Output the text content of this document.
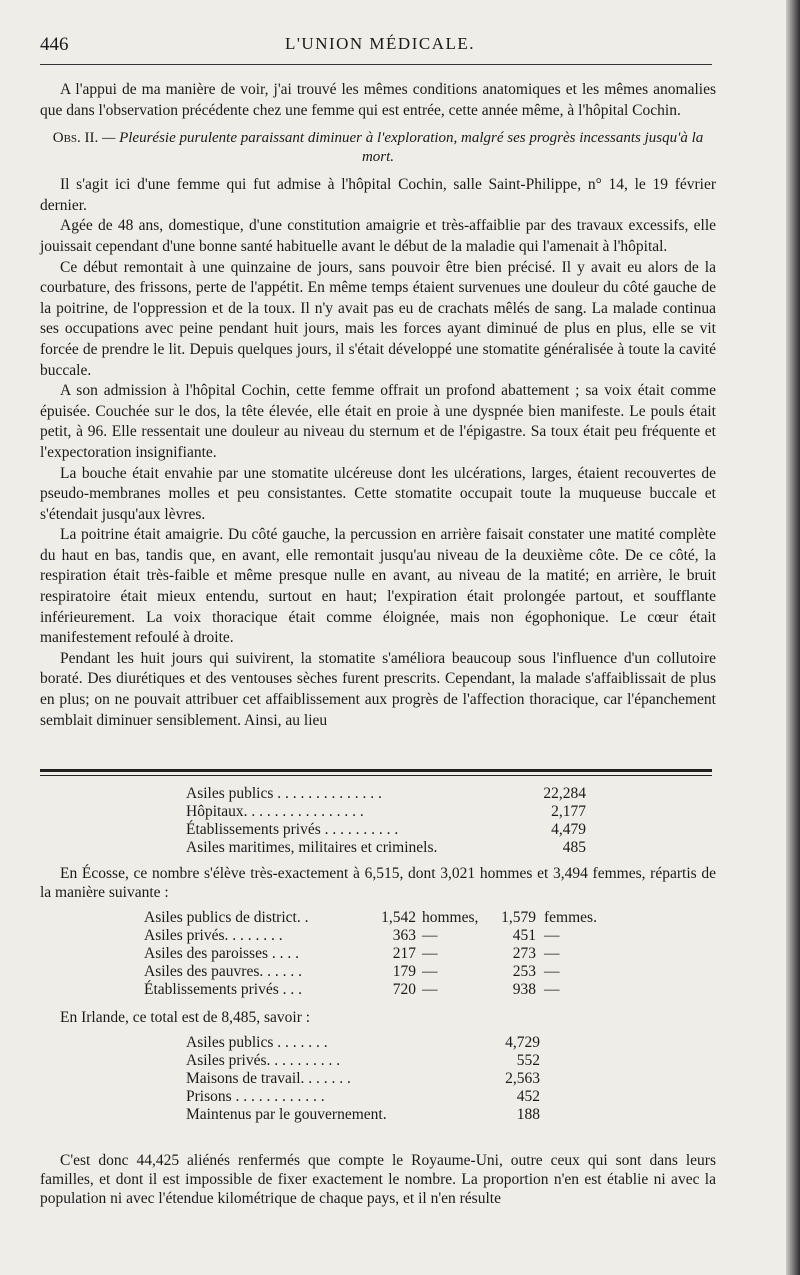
446	L'UNION MÉDICALE.

A l'appui de ma manière de voir, j'ai trouvé les mêmes conditions anatomiques et les mêmes anomalies que dans l'observation précédente chez une femme qui est entrée, cette année même, à l'hôpital Cochin.

Obs. II. — Pleurésie purulente paraissant diminuer à l'exploration, malgré ses progrès incessants jusqu'à la mort.

Il s'agit ici d'une femme qui fut admise à l'hôpital Cochin, salle Saint-Philippe, n° 14, le 19 février dernier.

Agée de 48 ans, domestique, d'une constitution amaigrie et très-affaiblie par des travaux excessifs, elle jouissait cependant d'une bonne santé habituelle avant le début de la maladie qui l'amenait à l'hôpital.

Ce début remontait à une quinzaine de jours, sans pouvoir être bien précisé. Il y avait eu alors de la courbature, des frissons, perte de l'appétit. En même temps étaient survenues une douleur du côté gauche de la poitrine, de l'oppression et de la toux. Il n'y avait pas eu de crachats mêlés de sang. La malade continua ses occupations avec peine pendant huit jours, mais les forces ayant diminué de plus en plus, elle se vit forcée de prendre le lit. Depuis quelques jours, il s'était développé une stomatite généralisée à toute la cavité buccale.

A son admission à l'hôpital Cochin, cette femme offrait un profond abattement ; sa voix était comme épuisée. Couchée sur le dos, la tête élevée, elle était en proie à une dyspnée bien manifeste. Le pouls était petit, à 96. Elle ressentait une douleur au niveau du sternum et de l'épigastre. Sa toux était peu fréquente et l'expectoration insignifiante.

La bouche était envahie par une stomatite ulcéreuse dont les ulcérations, larges, étaient recouvertes de pseudo-membranes molles et peu consistantes. Cette stomatite occupait toute la muqueuse buccale et s'étendait jusqu'aux lèvres.

La poitrine était amaigrie. Du côté gauche, la percussion en arrière faisait constater une matité complète du haut en bas, tandis que, en avant, elle remontait jusqu'au niveau de la deuxième côte. De ce côté, la respiration était très-faible et même presque nulle en avant, au niveau de la matité; en arrière, le bruit respiratoire était mieux entendu, surtout en haut; l'expiration était prolongée partout, et soufflante inférieurement. La voix thoracique était comme éloignée, mais non égophonique. Le cœur était manifestement refoulé à droite.

Pendant les huit jours qui suivirent, la stomatite s'améliora beaucoup sous l'influence d'un collutoire boraté. Des diurétiques et des ventouses sèches furent prescrits. Cependant, la malade s'affaiblissait de plus en plus; on ne pouvait attribuer cet affaiblissement aux progrès de l'affection thoracique, car l'épanchement semblait diminuer sensiblement. Ainsi, au lieu

Asiles publics . . . . . . . . . . . . . .	22,284
Hôpitaux. . . . . . . . . . . . . . . .	2,177
Établissements privés . . . . . . . . . .	4,479
Asiles maritimes, militaires et criminels.	485

En Écosse, ce nombre s'élève très-exactement à 6,515, dont 3,021 hommes et 3,494 femmes, répartis de la manière suivante :

Asiles publics de district. .	1,542 hommes,	1,579 femmes.
Asiles privés. . . . . . . .	363 —	451 —
Asiles des paroisses . . . .	217 —	273 —
Asiles des pauvres. . . . . .	179 —	253 —
Établissements privés . . .	720 —	938 —

En Irlande, ce total est de 8,485, savoir :

Asiles publics . . . . . . .	4,729
Asiles privés. . . . . . . . . .	552
Maisons de travail. . . . . . .	2,563
Prisons . . . . . . . . . . . .	452
Maintenus par le gouvernement.	188

C'est donc 44,425 aliénés renfermés que compte le Royaume-Uni, outre ceux qui sont dans leurs familles, et dont il est impossible de fixer exactement le nombre. La proportion n'en est établie ni avec la population ni avec l'étendue kilométrique de chaque pays, et il n'en résulte
